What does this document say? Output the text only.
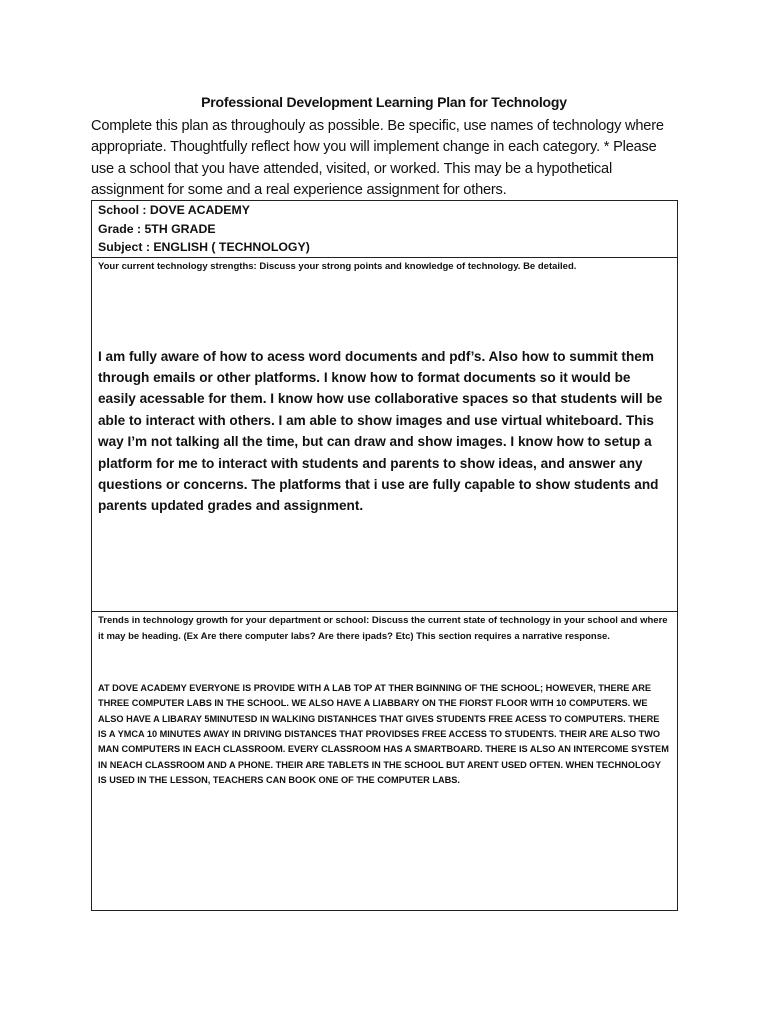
Professional Development Learning Plan for Technology
Complete this plan as throughouly as possible. Be specific, use names of technology where appropriate. Thoughtfully reflect how you will implement change in each category. * Please use a school that you have attended, visited, or worked. This may be a hypothetical assignment for some and a real experience assignment for others.
School : DOVE ACADEMY
Grade : 5TH GRADE
Subject : ENGLISH ( TECHNOLOGY)

Your current technology strengths: Discuss your strong points and knowledge of technology. Be detailed.
I am fully aware of how to acess word documents and pdf’s. Also how to summit them through emails or other platforms. I know how to format documents so it would be easily acessable for them. I know how use collaborative spaces so that students will be able to interact with others. I am able to show images and use virtual whiteboard. This way I’m not talking all the time, but can draw and show images. I know how to setup a platform for me to interact with students and parents to show ideas, and answer any questions or concerns. The platforms that i use are fully capable to show students and parents updated grades and assignment.

Trends in technology growth for your department or school: Discuss the current state of technology in your school and where it may be heading. (Ex Are there computer labs? Are there ipads? Etc) This section requires a narrative response.
AT DOVE ACADEMY EVERYONE IS PROVIDE WITH A LAB TOP AT THER BGINNING OF THE SCHOOL; HOWEVER, THERE ARE THREE COMPUTER LABS IN THE SCHOOL. WE ALSO HAVE A LIABBARY ON THE FIORST FLOOR WITH 10 COMPUTERS. WE ALSO HAVE A LIBARAY 5MINUTESD IN WALKING DISTANHCES THAT GIVES STUDENTS FREE ACESS TO COMPUTERS. THERE IS A YMCA 10 MINUTES AWAY IN DRIVING DISTANCES THAT PROVIDSES FREE ACCESS TO STUDENTS. THEIR ARE ALSO TWO MAN COMPUTERS IN EACH CLASSROOM. EVERY CLASSROOM HAS A SMARTBOARD. THERE IS ALSO AN INTERCOME SYSTEM IN NEACH CLASSROOM AND A PHONE. THEIR ARE TABLETS IN THE SCHOOL BUT ARENT USED OFTEN. WHEN TECHNOLOGY IS USED IN THE LESSON, TEACHERS CAN BOOK ONE OF THE COMPUTER LABS.
